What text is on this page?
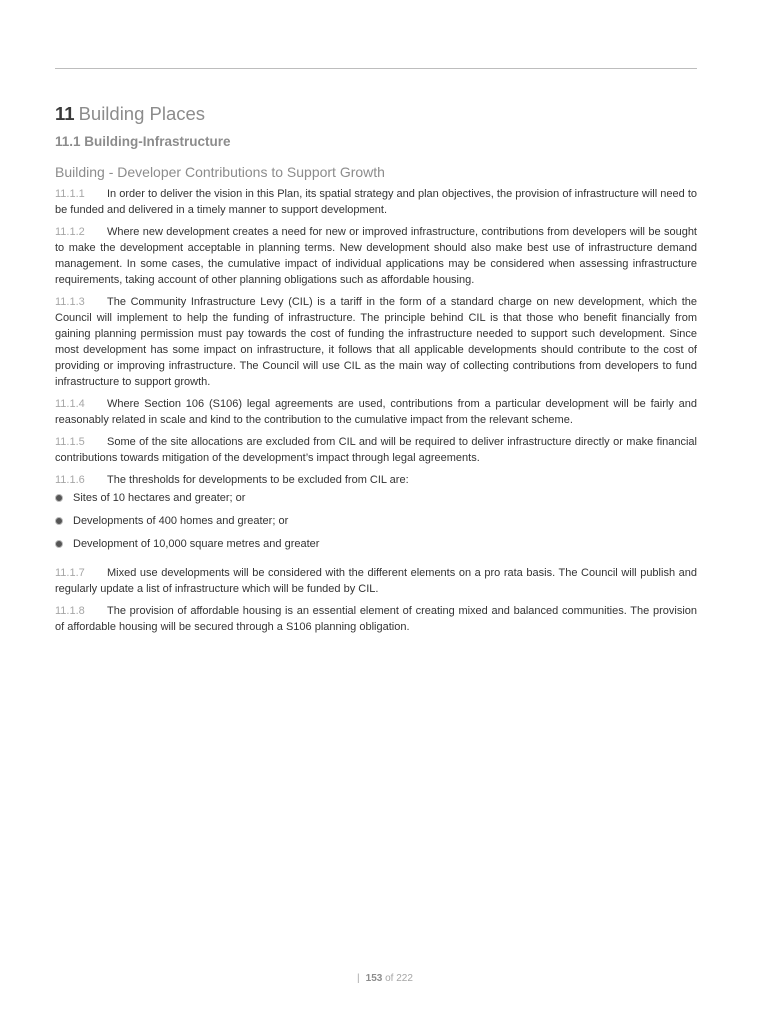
11 Building Places
11.1 Building-Infrastructure
Building - Developer Contributions to Support Growth

11.1.1 In order to deliver the vision in this Plan, its spatial strategy and plan objectives, the provision of infrastructure will need to be funded and delivered in a timely manner to support development.

11.1.2 Where new development creates a need for new or improved infrastructure, contributions from developers will be sought to make the development acceptable in planning terms. New development should also make best use of infrastructure demand management. In some cases, the cumulative impact of individual applications may be considered when assessing infrastructure requirements, taking account of other planning obligations such as affordable housing.

11.1.3 The Community Infrastructure Levy (CIL) is a tariff in the form of a standard charge on new development, which the Council will implement to help the funding of infrastructure. The principle behind CIL is that those who benefit financially from gaining planning permission must pay towards the cost of funding the infrastructure needed to support such development. Since most development has some impact on infrastructure, it follows that all applicable developments should contribute to the cost of providing or improving infrastructure. The Council will use CIL as the main way of collecting contributions from developers to fund infrastructure to support growth.

11.1.4 Where Section 106 (S106) legal agreements are used, contributions from a particular development will be fairly and reasonably related in scale and kind to the contribution to the cumulative impact from the relevant scheme.

11.1.5 Some of the site allocations are excluded from CIL and will be required to deliver infrastructure directly or make financial contributions towards mitigation of the development’s impact through legal agreements.

11.1.6 The thresholds for developments to be excluded from CIL are:

Sites of 10 hectares and greater; or
Developments of 400 homes and greater; or
Development of 10,000 square metres and greater

11.1.7 Mixed use developments will be considered with the different elements on a pro rata basis. The Council will publish and regularly update a list of infrastructure which will be funded by CIL.

11.1.8 The provision of affordable housing is an essential element of creating mixed and balanced communities. The provision of affordable housing will be secured through a S106 planning obligation.

| 153 of 222
